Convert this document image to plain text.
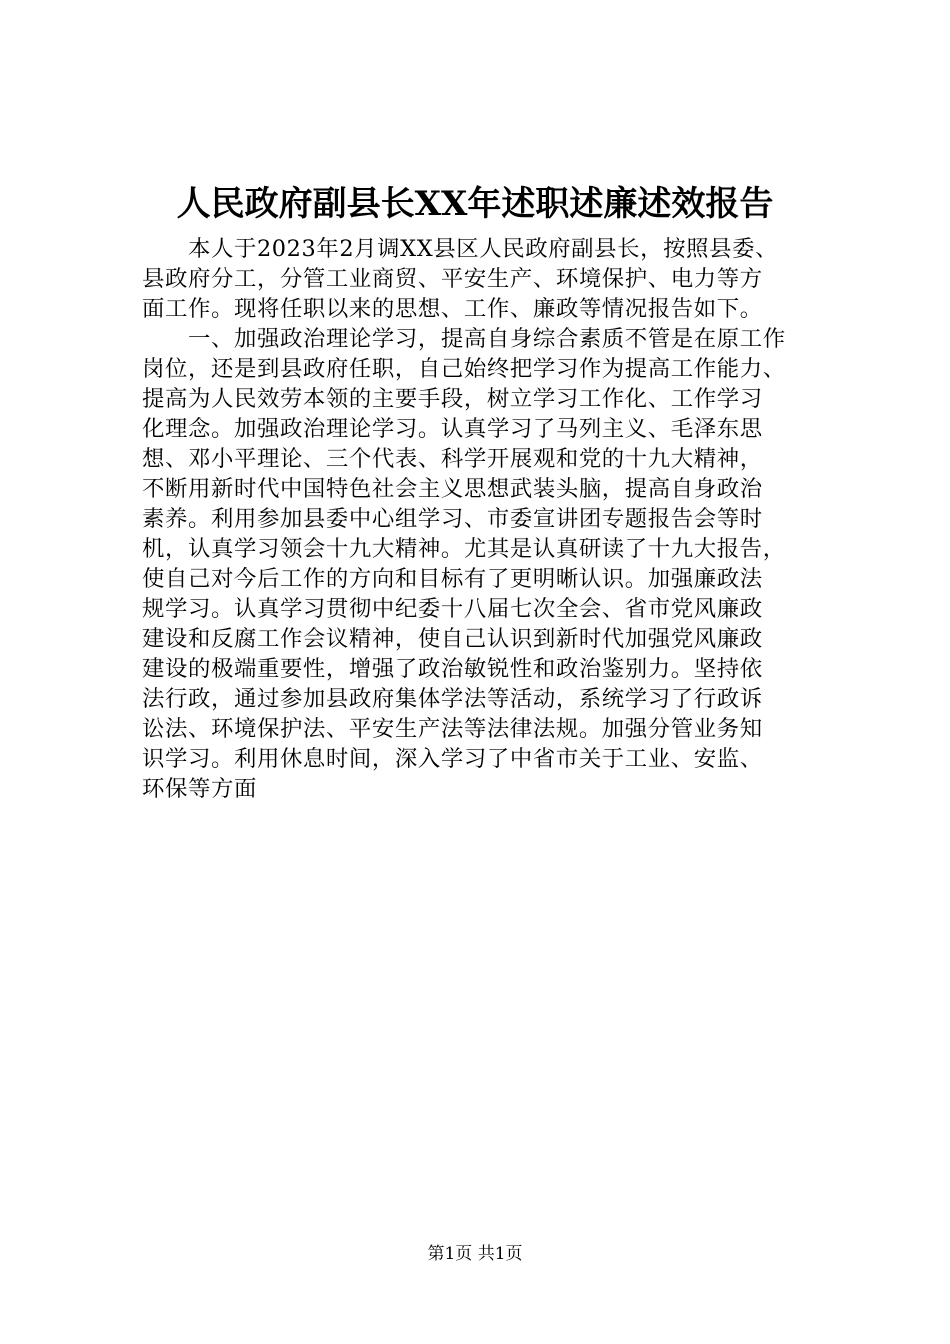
人民政府副县长XX年述职述廉述效报告
　　本人于2023年2月调XX县区人民政府副县长，按照县委、
县政府分工，分管工业商贸、平安生产、环境保护、电力等方
面工作。现将任职以来的思想、工作、廉政等情况报告如下。
　　一、加强政治理论学习，提高自身综合素质不管是在原工作
岗位，还是到县政府任职，自己始终把学习作为提高工作能力、
提高为人民效劳本领的主要手段，树立学习工作化、工作学习
化理念。加强政治理论学习。认真学习了马列主义、毛泽东思
想、邓小平理论、三个代表、科学开展观和党的十九大精神，
不断用新时代中国特色社会主义思想武装头脑，提高自身政治
素养。利用参加县委中心组学习、市委宣讲团专题报告会等时
机，认真学习领会十九大精神。尤其是认真研读了十九大报告，
使自己对今后工作的方向和目标有了更明晰认识。加强廉政法
规学习。认真学习贯彻中纪委十八届七次全会、省市党风廉政
建设和反腐工作会议精神，使自己认识到新时代加强党风廉政
建设的极端重要性，增强了政治敏锐性和政治鉴别力。坚持依
法行政，通过参加县政府集体学法等活动，系统学习了行政诉
讼法、环境保护法、平安生产法等法律法规。加强分管业务知
识学习。利用休息时间，深入学习了中省市关于工业、安监、
环保等方面
第1页 共1页
